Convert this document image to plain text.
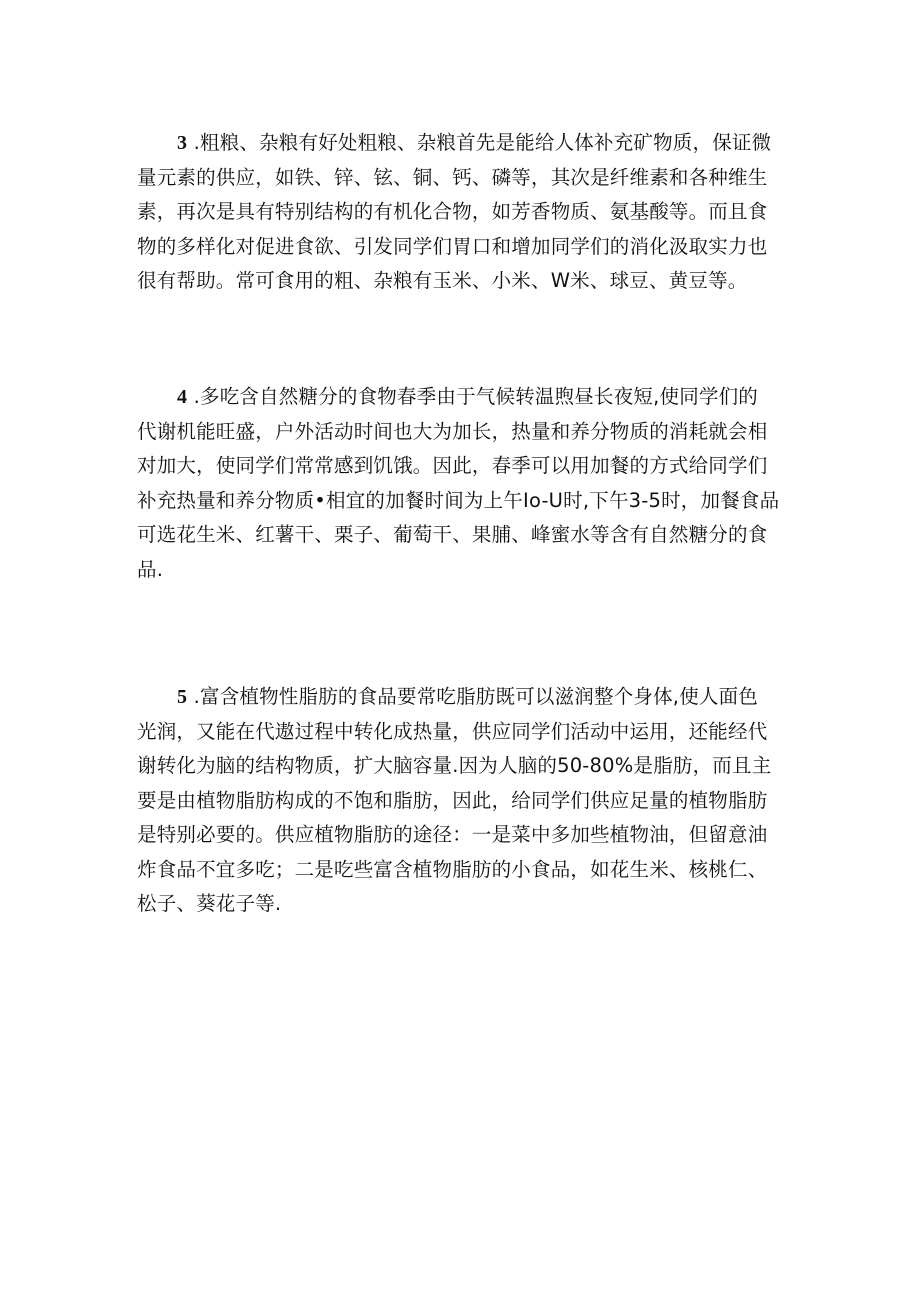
3 .粗粮、杂粮有好处粗粮、杂粮首先是能给人体补充矿物质，保证微
量元素的供应，如铁、锌、铉、铜、钙、磷等，其次是纤维素和各种维生
素，再次是具有特别结构的有机化合物，如芳香物质、氨基酸等。而且食
物的多样化对促进食欲、引发同学们胃口和增加同学们的消化汲取实力也
很有帮助。常可食用的粗、杂粮有玉米、小米、W米、球豆、黄豆等。
4 .多吃含自然糖分的食物春季由于气候转温煦昼长夜短,使同学们的
代谢机能旺盛，户外活动时间也大为加长，热量和养分物质的消耗就会相
对加大，使同学们常常感到饥饿。因此，春季可以用加餐的方式给同学们
补充热量和养分物质•相宜的加餐时间为上午Io-U时,下午3-5时，加餐食品
可选花生米、红薯干、栗子、葡萄干、果脯、峰蜜水等含有自然糖分的食
品.
5 .富含植物性脂肪的食品要常吃脂肪既可以滋润整个身体,使人面色
光润，又能在代遨过程中转化成热量，供应同学们活动中运用，还能经代
谢转化为脑的结构物质，扩大脑容量.因为人脑的50-80%是脂肪，而且主
要是由植物脂肪构成的不饱和脂肪，因此，给同学们供应足量的植物脂肪
是特别必要的。供应植物脂肪的途径：一是菜中多加些植物油，但留意油
炸食品不宜多吃；二是吃些富含植物脂肪的小食品，如花生米、核桃仁、
松子、葵花子等.
